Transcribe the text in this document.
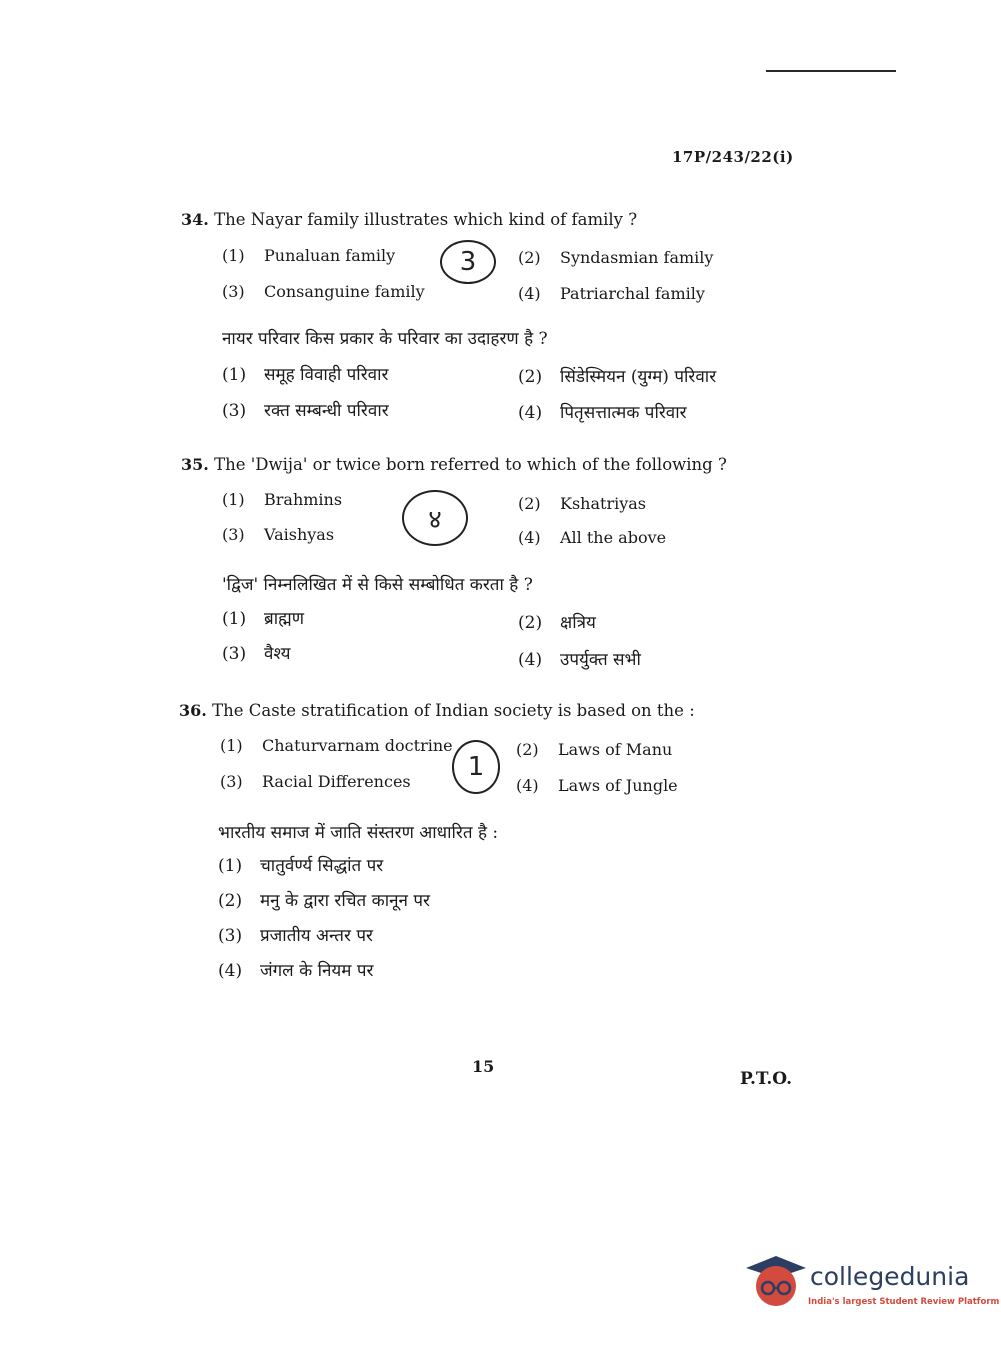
17P/243/22(i)
34. The Nayar family illustrates which kind of family ?
(1) Punaluan family	(2) Syndasmian family
(3) Consanguine family	(4) Patriarchal family
3
नायर परिवार किस प्रकार के परिवार का उदाहरण है ?
(1) समूह विवाही परिवार	(2) सिंडेस्मियन (युग्म) परिवार
(3) रक्त सम्बन्धी परिवार	(4) पितृसत्तात्मक परिवार
35. The 'Dwija' or twice born referred to which of the following ?
(1) Brahmins	(2) Kshatriyas
(3) Vaishyas	(4) All the above
४
'द्विज' निम्नलिखित में से किसे सम्बोधित करता है ?
(1) ब्राह्मण	(2) क्षत्रिय
(3) वैश्य	(4) उपर्युक्त सभी
36. The Caste stratification of Indian society is based on the :
(1) Chaturvarnam doctrine	(2) Laws of Manu
(3) Racial Differences	(4) Laws of Jungle
1
भारतीय समाज में जाति संस्तरण आधारित है :
(1) चातुर्वर्ण्य सिद्धांत पर
(2) मनु के द्वारा रचित कानून पर
(3) प्रजातीय अन्तर पर
(4) जंगल के नियम पर
15
P.T.O.
collegedunia
India's largest Student Review Platform
